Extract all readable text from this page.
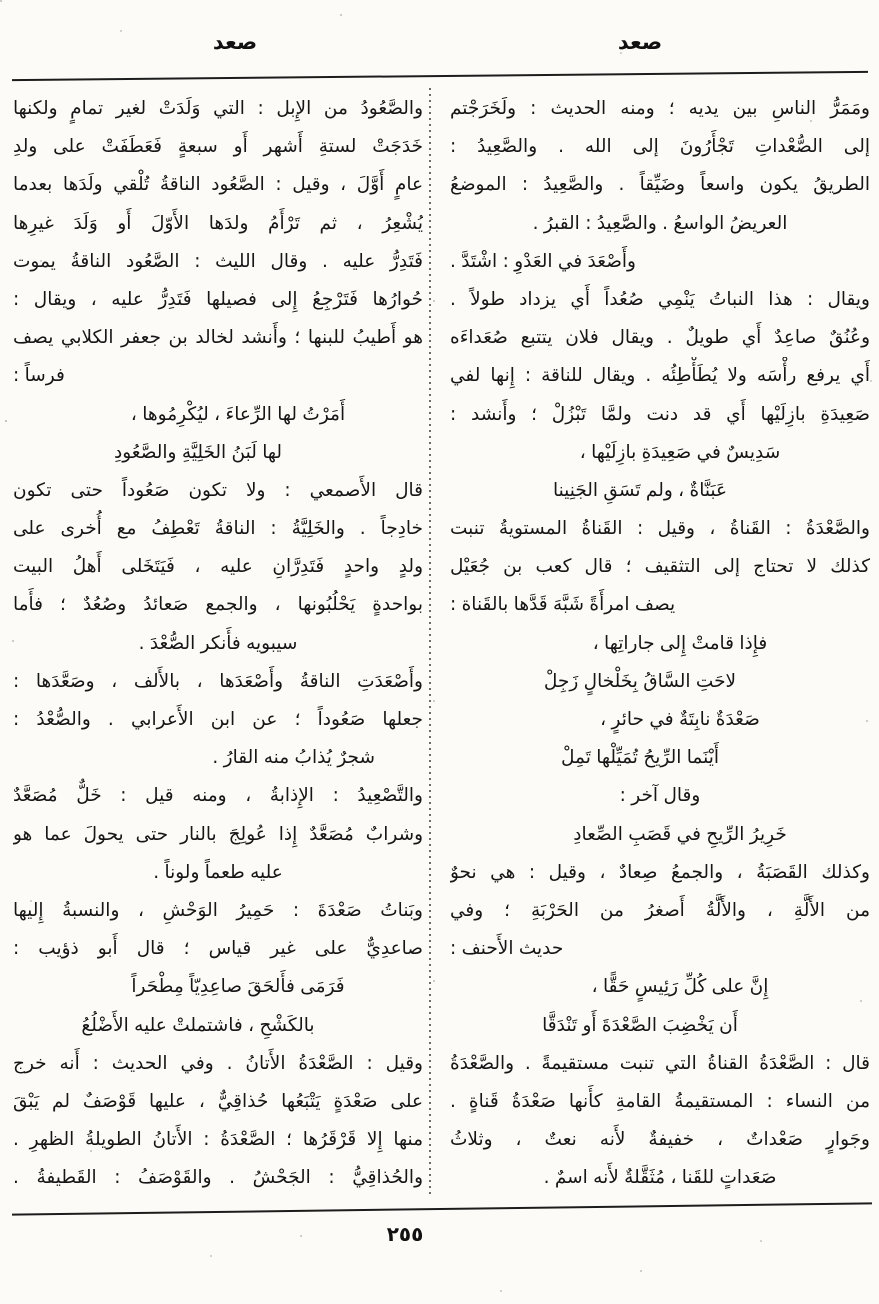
صعد	صعد
ومَمَرُّ الناسِ بين يديه ؛ ومنه الحديث : ولَخَرَجْتم
إلى الصُّعْداتِ تَجْأَرُونَ إلى الله . والصَّعِيدُ :
الطريقُ يكون واسعاً وضَيِّقاً . والصَّعِيدُ : الموضعُ
العريضُ الواسعُ . والصَّعِيدُ : القبرُ .
وأَصْعَدَ في العَدْوِ : اشْتَدَّ .
ويقال : هذا النباتُ يَنْمِي صُعُداً أَي يزداد طولاً .
وعُنُقٌ صاعِدٌ أَي طويلٌ . ويقال فلان يتتبع صُعَداءَه
أَي يرفع رأْسَه ولا يُطَأْطِئُه . ويقال للناقة : إِنها لفي
صَعِيدَةِ بازِلَيْها أَي قد دنت ولمَّا تَبْزُلْ ؛ وأَنشد :
سَدِيسٌ في صَعِيدَةِ بازِلَيْها ،
عَبَنَّاةٌ ، ولم تَسَقِ الجَنِينا
والصَّعْدَةُ : القَناةُ ، وقيل : القَناةُ المستويةُ تنبت
كذلك لا تحتاج إلى التثقيف ؛ قال كعب بن جُعَيْل
يصف امرأَةً شَبَّهَ قَدَّها بالقَناة :
فإِذا قامتْ إِلى جاراتِها ،
لاحَتِ السَّاقُ بِخَلْخالٍ زَجِلْ
صَعْدَةٌ نابِتَةٌ في حائرٍ ،
أَيْنَما الرِّيحُ تُمَيِّلْها تَمِلْ
وقال آخر :
خَرِيرُ الرِّيحِ في قَصَبِ الصِّعادِ
وكذلك القَصَبَةُ ، والجمعُ صِعادٌ ، وقيل : هي نحوٌ
من الأَلَّةِ ، والأَلَّةُ أَصغرُ من الحَرْبَةِ ؛ وفي
حديث الأَحنف :
إِنَّ على كُلِّ رَئِيسٍ حَقًّا ،
أَن يَخْضِبَ الصَّعْدَةَ أَو تَنْدَقَّا
قال : الصَّعْدَةُ القناةُ التي تنبت مستقيمةً . والصَّعْدَةُ
من النساء : المستقيمةُ القامةِ كأَنها صَعْدَةُ قَناةٍ .
وجَوارٍ صَعْداتٌ ، خفيفةٌ لأَنه نعتٌ ، وثلاثُ
صَعَداتٍ للقَنا ، مُثَقَّلةٌ لأَنه اسمٌ .
والصَّعُودُ من الإِبل : التي وَلَدَتْ لغير تمامٍ ولكنها
خَدَجَتْ لستةِ أَشهر أَو سبعةٍ فَعَطَفَتْ على ولدِ
عامٍ أَوَّلَ ، وقيل : الصَّعُود الناقةُ تُلْقي ولَدَها بعدما
يُشْعِرُ ، ثم تَرْأَمُ ولدَها الأَوّلَ أَو وَلَدَ غيرِها
فَتَدِرُّ عليه . وقال الليث : الصَّعُود الناقةُ يموت
حُوارُها فَتَرْجِعُ إِلى فصيلها فَتَدِرُّ عليه ، ويقال :
هو أَطيبُ للبنها ؛ وأَنشد لخالد بن جعفر الكلابي يصف
فرساً :
أَمَرْتُ لها الرِّعاءَ ، ليُكْرِمُوها ،
لها لَبَنُ الخَلِيَّةِ والصَّعُودِ
قال الأَصمعي : ولا تكون صَعُوداً حتى تكون
خادِجاً . والخَلِيَّةُ : الناقةُ تَعْطِفُ مع أُخرى على
ولدٍ واحدٍ فَتَدِرَّانِ عليه ، فَيَتَخَلى أَهلُ البيت
بواحدةٍ يَحْلُبُونها ، والجمع صَعائدُ وصُعُدٌ ؛ فأَما
سيبويه فأَنكر الصُّعْدَ .
وأَصْعَدَتِ الناقةُ وأَصْعَدَها ، بالأَلف ، وصَعَّدَها :
جعلها صَعُوداً ؛ عن ابن الأَعرابي . والصُّعْدُ :
شجرٌ يُذابُ منه القارُ .
والتَّصْعِيدُ : الإِذابةُ ، ومنه قيل : خَلٌّ مُصَعَّدٌ
وشرابٌ مُصَعَّدٌ إِذا عُولِجَ بالنار حتى يحولَ عما هو
عليه طعماً ولوناً .
وبَناتُ صَعْدَةَ : حَمِيرُ الوَحْشِ ، والنسبةُ إِليها
صاعدِيٌّ على غير قياس ؛ قال أَبو ذؤيب :
فَرَمَى فأَلحَقَ صاعِدِيّاً مِطْحَراً
بالكَشْحِ ، فاشتملتْ عليه الأَضْلُعُ
وقيل : الصَّعْدَةُ الأَتانُ . وفي الحديث : أَنه خرج
على صَعْدَةٍ يَتْبَعُها حُذاقِيٌّ ، عليها قَوْصَفٌ لم يَبْقَ
منها إِلا قَرْقَرُها ؛ الصَّعْدَةُ : الأَتانُ الطويلةُ الظهرِ .
والحُذاقِيُّ : الجَحْشُ . والقَوْصَفُ : القَطيفةُ .
٢٥٥
